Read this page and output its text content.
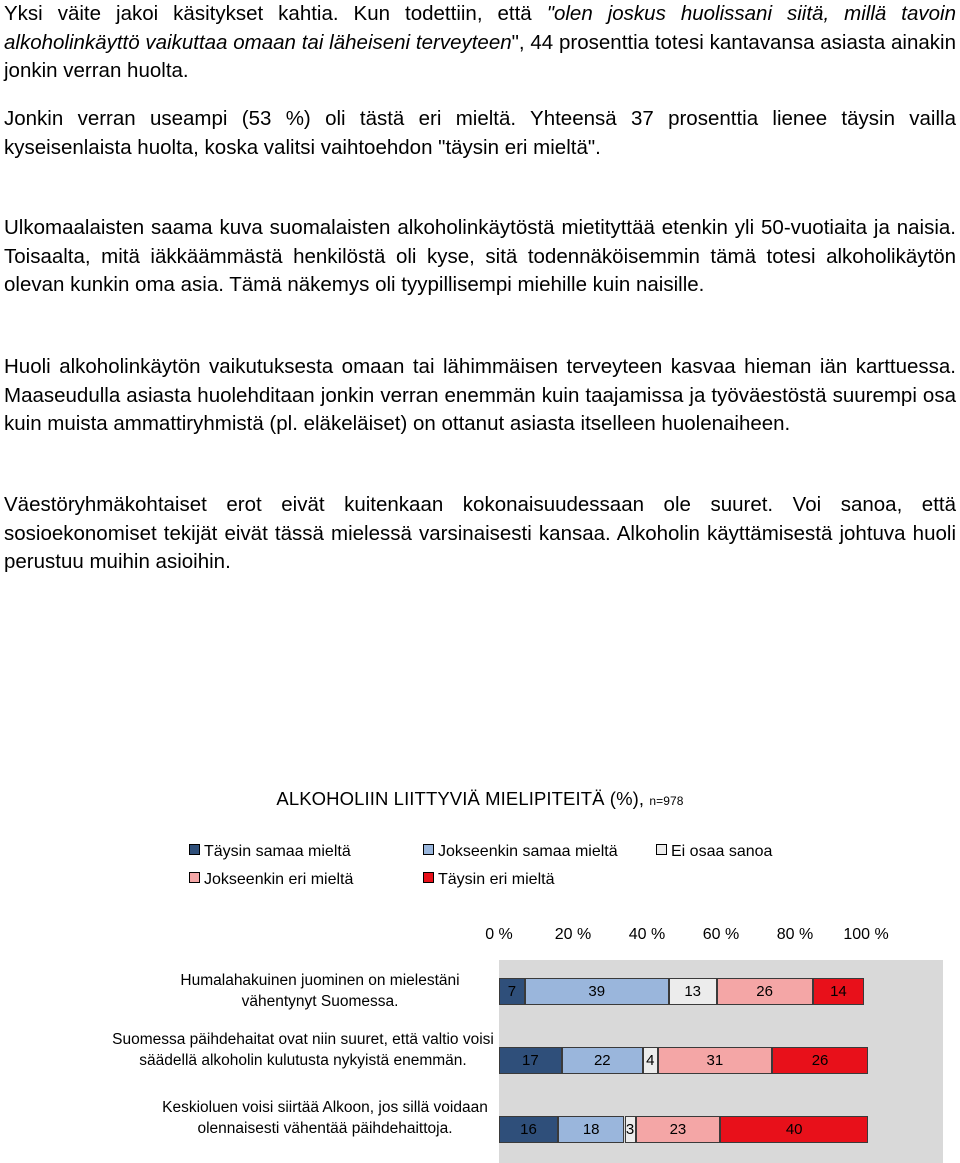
Yksi väite jakoi käsitykset kahtia. Kun todettiin, että "olen joskus huolissani siitä, millä tavoin alkoholinkäyttö vaikuttaa omaan tai läheiseni terveyteen", 44 prosenttia totesi kantavansa asiasta ainakin jonkin verran huolta.

Jonkin verran useampi (53 %) oli tästä eri mieltä. Yhteensä 37 prosenttia lienee täysin vailla kyseisenlaista huolta, koska valitsi vaihtoehdon "täysin eri mieltä".

Ulkomaalaisten saama kuva suomalaisten alkoholinkäytöstä mietityttää etenkin yli 50-vuotiaita ja naisia. Toisaalta, mitä iäkkäämmästä henkilöstä oli kyse, sitä todennäköisemmin tämä totesi alkoholikäytön olevan kunkin oma asia. Tämä näkemys oli tyypillisempi miehille kuin naisille.

Huoli alkoholinkäytön vaikutuksesta omaan tai lähimmäisen terveyteen kasvaa hieman iän karttuessa. Maaseudulla asiasta huolehditaan jonkin verran enemmän kuin taajamissa ja työväestöstä suurempi osa kuin muista ammattiryhmistä (pl. eläkeläiset) on ottanut asiasta itselleen huolenaiheen.

Väestöryhmäkohtaiset erot eivät kuitenkaan kokonaisuudessaan ole suuret. Voi sanoa, että sosioekonomiset tekijät eivät tässä mielessä varsinaisesti kansaa. Alkoholin käyttämisestä johtuva huoli perustuu muihin asioihin.

ALKOHOLIIN LIITTYVIÄ MIELIPITEITÄ (%), n=978
Täysin samaa mieltä	Jokseenkin samaa mieltä	Ei osaa sanoa
Jokseenkin eri mieltä	Täysin eri mieltä
0 %	20 % 40 % 60 % 80 % 100 %
Humalahakuinen juominen on mielestäni vähentynyt Suomessa.
Suomessa päihdehaitat ovat niin suuret, että valtio voisi säädellä alkoholin kulutusta nykyistä enemmän.
Keskioluen voisi siirtää Alkoon, jos sillä voidaan olennaisesti vähentää päihdehaittoja.
7	39	13	26	14
17	22	4	31	26
16	18	3	23	40
